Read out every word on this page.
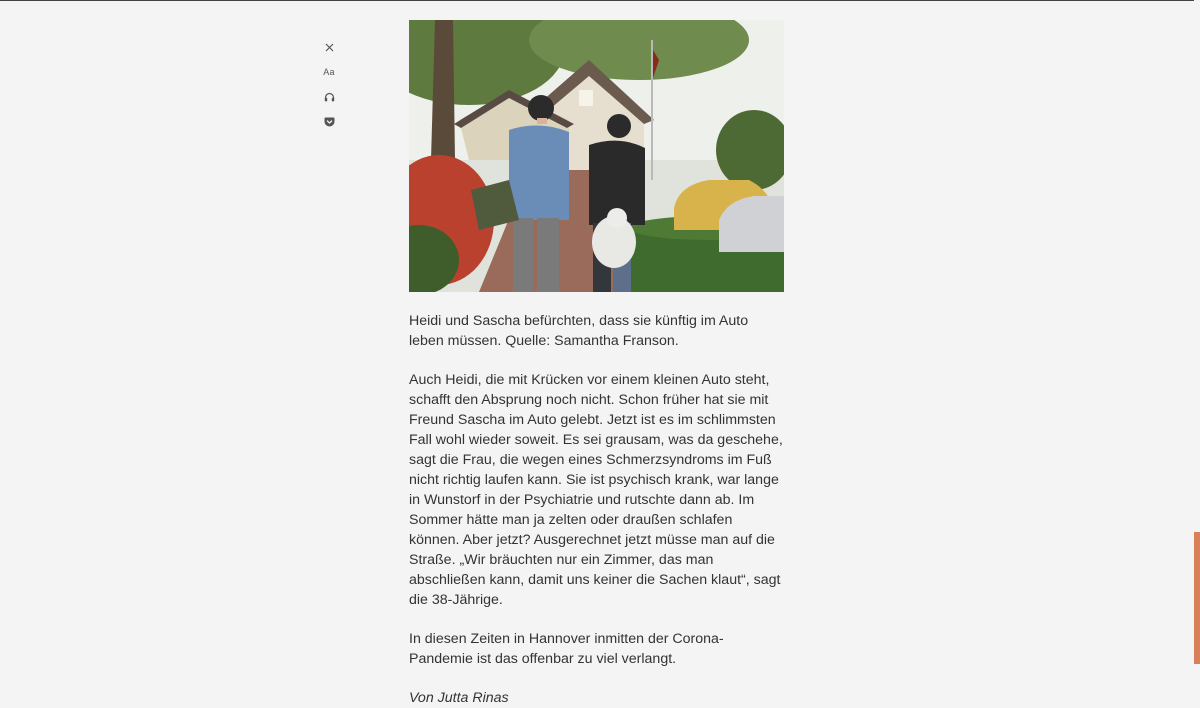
Aa

Heidi und Sascha befürchten, dass sie künftig im Auto leben müssen. Quelle: Samantha Franson.

Auch Heidi, die mit Krücken vor einem kleinen Auto steht, schafft den Absprung noch nicht. Schon früher hat sie mit Freund Sascha im Auto gelebt. Jetzt ist es im schlimmsten Fall wohl wieder soweit. Es sei grausam, was da geschehe, sagt die Frau, die wegen eines Schmerzsyndroms im Fuß nicht richtig laufen kann. Sie ist psychisch krank, war lange in Wunstorf in der Psychiatrie und rutschte dann ab. Im Sommer hätte man ja zelten oder draußen schlafen können. Aber jetzt? Ausgerechnet jetzt müsse man auf die Straße. „Wir bräuchten nur ein Zimmer, das man abschließen kann, damit uns keiner die Sachen klaut“, sagt die 38-Jährige.

In diesen Zeiten in Hannover inmitten der Corona-Pandemie ist das offenbar zu viel verlangt.

Von Jutta Rinas
